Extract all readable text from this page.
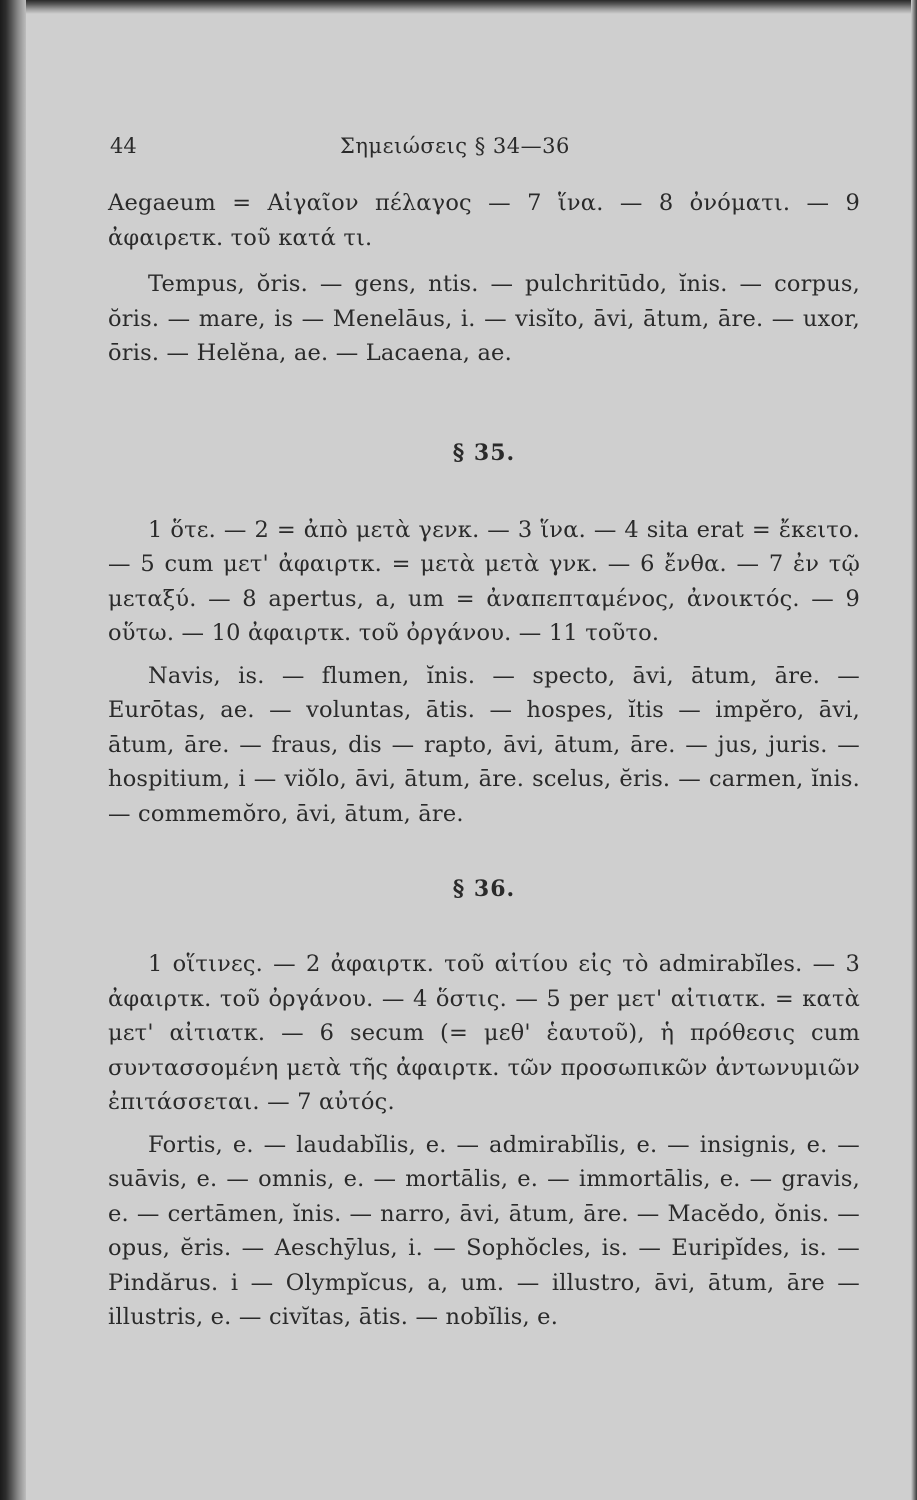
44	Σημειώσεις § 34—36

Aegaeum = Αἰγαῖον πέλαγος — 7 ἵνα. — 8 ὀνόματι. — 9 ἀφαιρετκ. τοῦ κατά τι.

Tempus, ŏris. — gens, ntis. — pulchritūdo, ĭnis. — corpus, ŏris. — mare, is — Menelāus, i. — visĭto, āvi, ātum, āre. — uxor, ōris. — Helĕna, ae. — Lacaena, ae.

§ 35.

1 ὅτε. — 2 = ἀπὸ μετὰ γενκ. — 3 ἵνα. — 4 sita erat = ἔκειτο. — 5 cum μετ' ἀφαιρτκ. = μετὰ μετὰ γνκ. — 6 ἔνθα. — 7 ἐν τῷ μεταξύ. — 8 apertus, a, um = ἀναπεπταμένος, ἀνοικτός. — 9 οὕτω. — 10 ἀφαιρτκ. τοῦ ὀργάνου. — 11 τοῦτο.

Navis, is. — flumen, ĭnis. — specto, āvi, ātum, āre. — Eurōtas, ae. — voluntas, ātis. — hospes, ĭtis — impĕro, āvi, ātum, āre. — fraus, dis — rapto, āvi, ātum, āre. — jus, juris. — hospitium, i — viŏlo, āvi, ātum, āre. scelus, ĕris. — carmen, ĭnis. — commemŏro, āvi, ātum, āre.

§ 36.

1 οἵτινες. — 2 ἀφαιρτκ. τοῦ αἰτίου εἰς τὸ admirabĭles. — 3 ἀφαιρτκ. τοῦ ὀργάνου. — 4 ὅστις. — 5 per μετ' αἰτιατκ. = κατὰ μετ' αἰτιατκ. — 6 secum (= μεθ' ἑαυτοῦ), ἡ πρόθεσις cum συντασσομένη μετὰ τῆς ἀφαιρτκ. τῶν προσωπικῶν ἀντωνυμιῶν ἐπιτάσσεται. — 7 αὐτός.

Fortis, e. — laudabĭlis, e. — admirabĭlis, e. — insignis, e. — suāvis, e. — omnis, e. — mortālis, e. — immortālis, e. — gravis, e. — certāmen, ĭnis. — narro, āvi, ātum, āre. — Macĕdo, ŏnis. — opus, ĕris. — Aeschȳlus, i. — Sophŏcles, is. — Euripĭdes, is. — Pindărus. i — Olympĭcus, a, um. — illustro, āvi, ātum, āre — illustris, e. — civĭtas, ātis. — nobĭlis, e.
